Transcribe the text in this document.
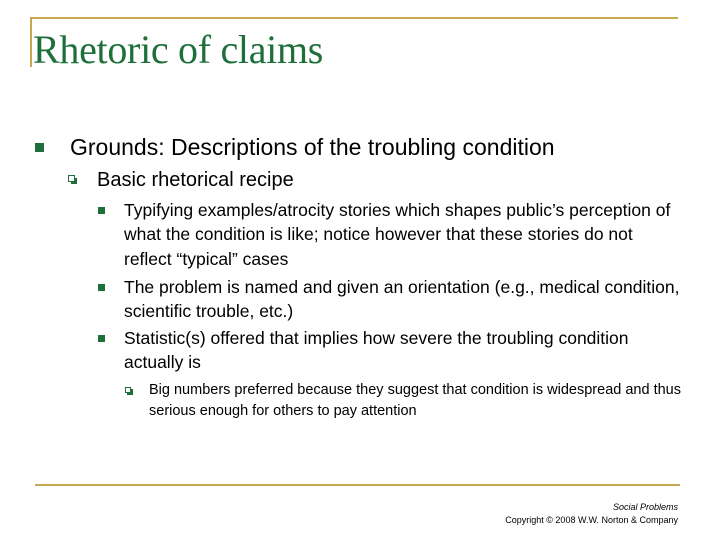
Rhetoric of claims
Grounds: Descriptions of the troubling condition
Basic rhetorical recipe
Typifying examples/atrocity stories which shapes public’s perception of what the condition is like; notice however that these stories do not reflect “typical” cases
The problem is named and given an orientation (e.g., medical condition, scientific trouble, etc.)
Statistic(s) offered that implies how severe the troubling condition actually is
Big numbers preferred because they suggest that condition is widespread and thus serious enough for others to pay attention
Social Problems
Copyright © 2008 W.W. Norton & Company
